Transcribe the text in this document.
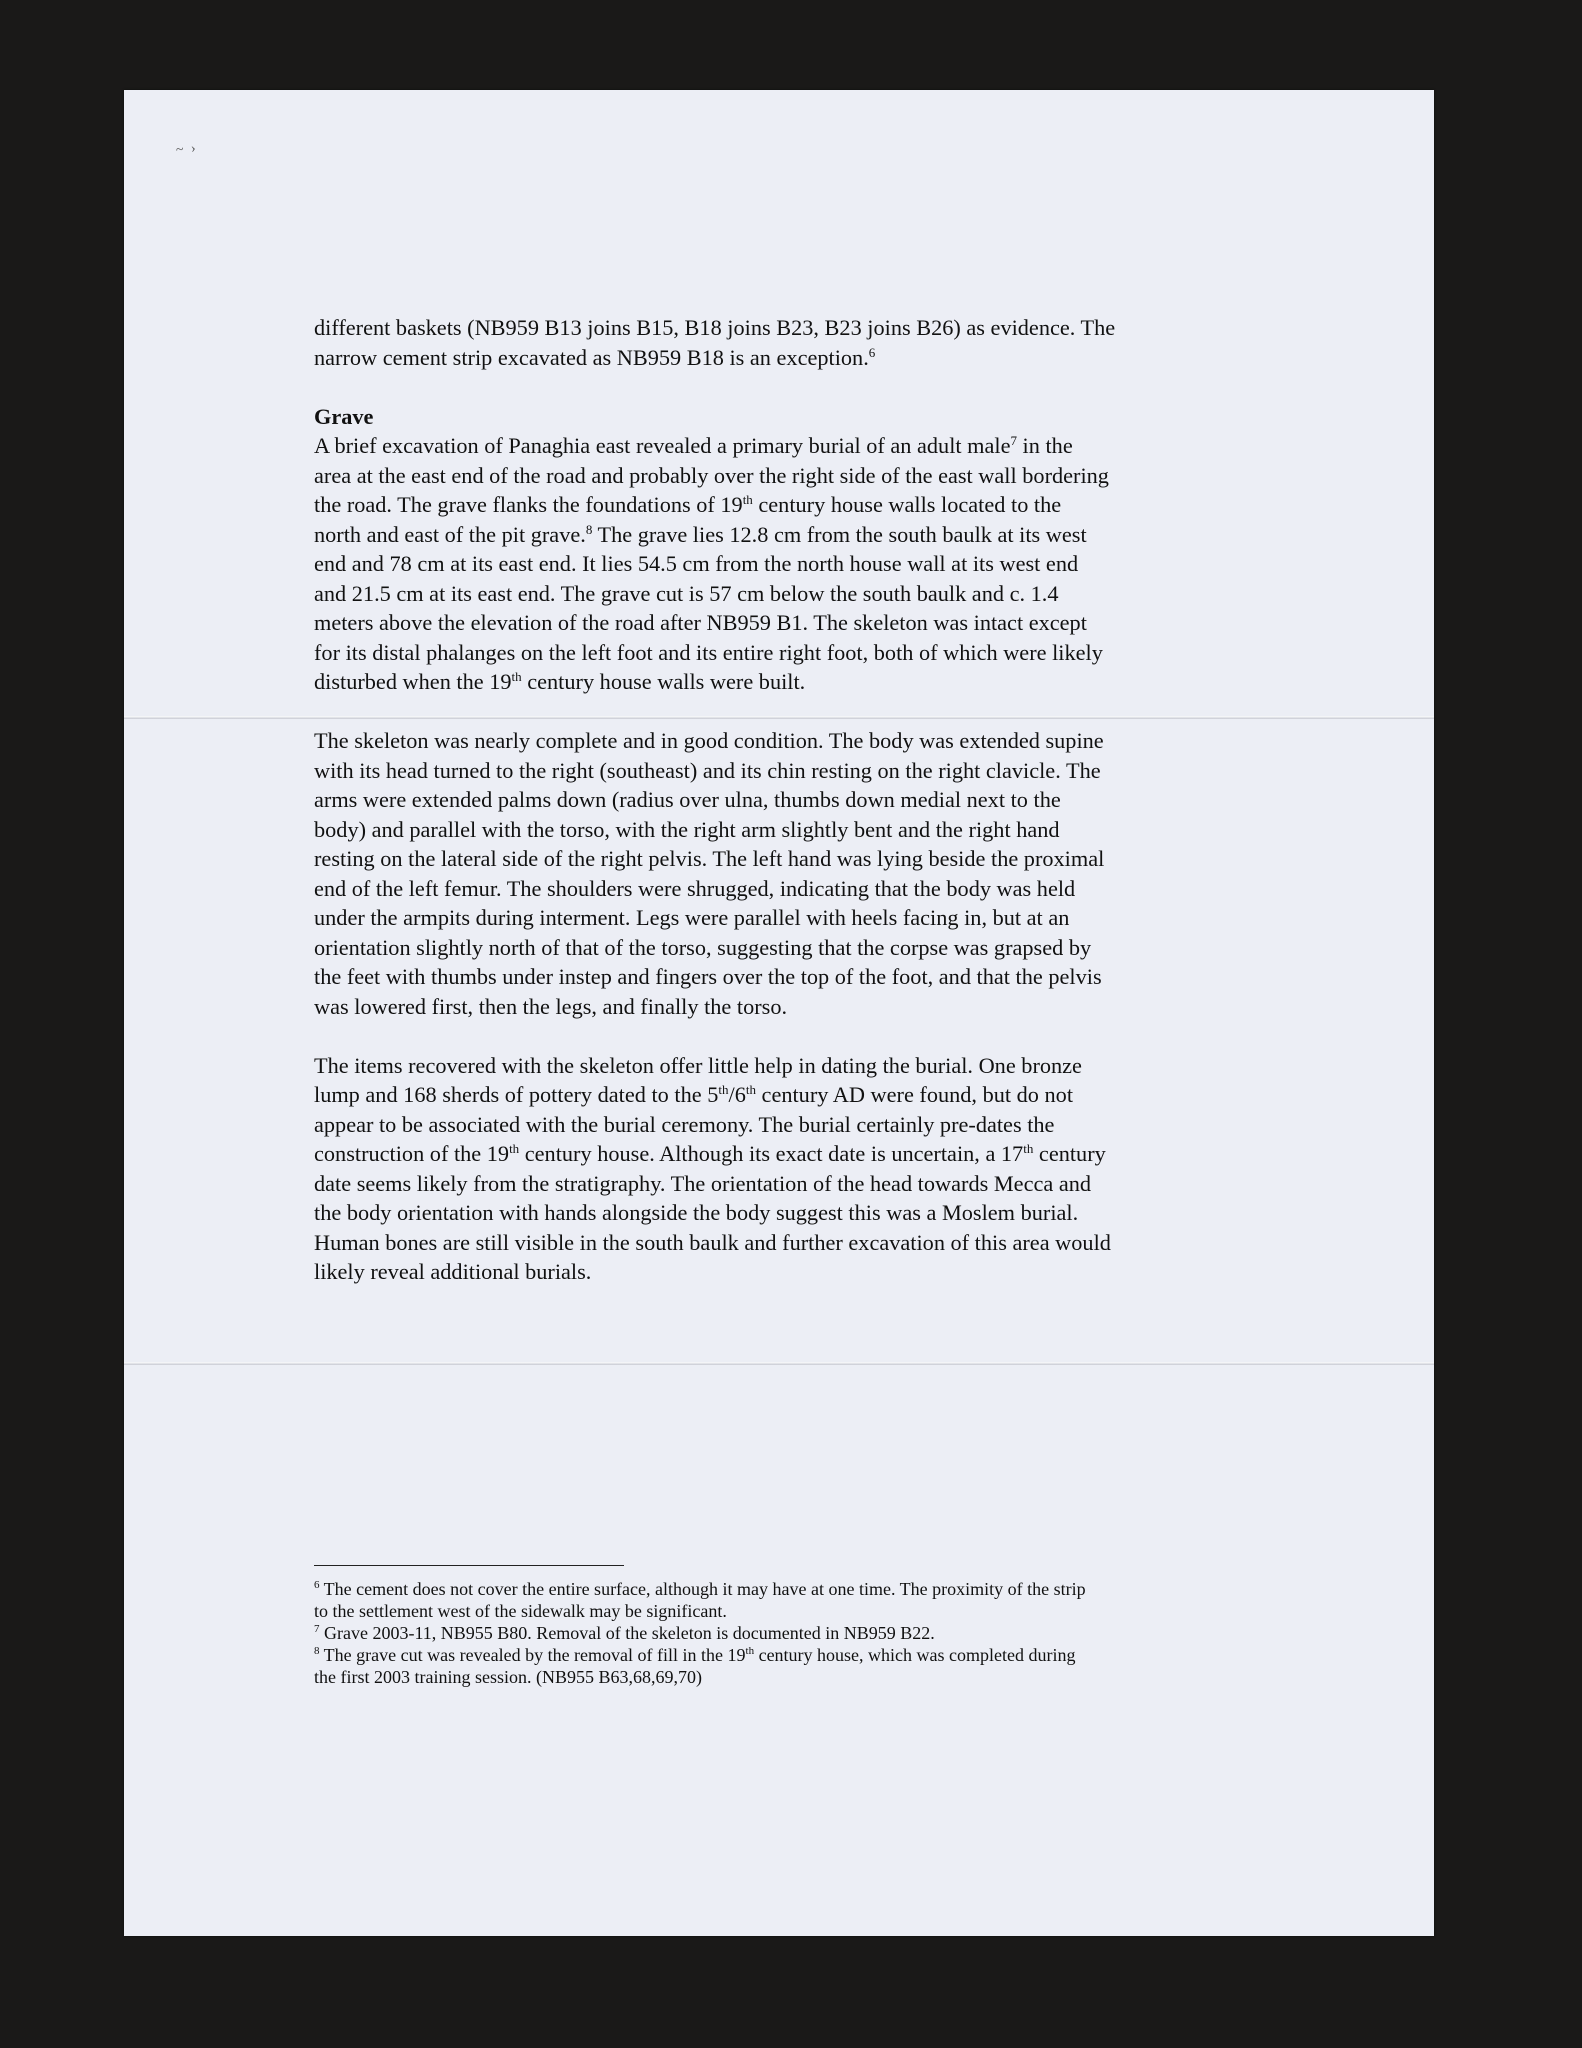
~ ›
different baskets (NB959 B13 joins B15, B18 joins B23, B23 joins B26) as evidence. The
narrow cement strip excavated as NB959 B18 is an exception.$^6$
Grave
A brief excavation of Panaghia east revealed a primary burial of an adult male$^7$ in the
area at the east end of the road and probably over the right side of the east wall bordering
the road. The grave flanks the foundations of 19th century house walls located to the
north and east of the pit grave.$^8$ The grave lies 12.8 cm from the south baulk at its west
end and 78 cm at its east end. It lies 54.5 cm from the north house wall at its west end
and 21.5 cm at its east end. The grave cut is 57 cm below the south baulk and c. 1.4
meters above the elevation of the road after NB959 B1. The skeleton was intact except
for its distal phalanges on the left foot and its entire right foot, both of which were likely
disturbed when the 19th century house walls were built.
The skeleton was nearly complete and in good condition. The body was extended supine
with its head turned to the right (southeast) and its chin resting on the right clavicle. The
arms were extended palms down (radius over ulna, thumbs down medial next to the
body) and parallel with the torso, with the right arm slightly bent and the right hand
resting on the lateral side of the right pelvis. The left hand was lying beside the proximal
end of the left femur. The shoulders were shrugged, indicating that the body was held
under the armpits during interment. Legs were parallel with heels facing in, but at an
orientation slightly north of that of the torso, suggesting that the corpse was grapsed by
the feet with thumbs under instep and fingers over the top of the foot, and that the pelvis
was lowered first, then the legs, and finally the torso.
The items recovered with the skeleton offer little help in dating the burial. One bronze
lump and 168 sherds of pottery dated to the 5th/6th century AD were found, but do not
appear to be associated with the burial ceremony. The burial certainly pre-dates the
construction of the 19th century house. Although its exact date is uncertain, a 17th century
date seems likely from the stratigraphy. The orientation of the head towards Mecca and
the body orientation with hands alongside the body suggest this was a Moslem burial.
Human bones are still visible in the south baulk and further excavation of this area would
likely reveal additional burials.
$^6$ The cement does not cover the entire surface, although it may have at one time. The proximity of the strip
to the settlement west of the sidewalk may be significant.
$^7$ Grave 2003-11, NB955 B80. Removal of the skeleton is documented in NB959 B22.
$^8$ The grave cut was revealed by the removal of fill in the 19th century house, which was completed during
the first 2003 training session. (NB955 B63,68,69,70)
